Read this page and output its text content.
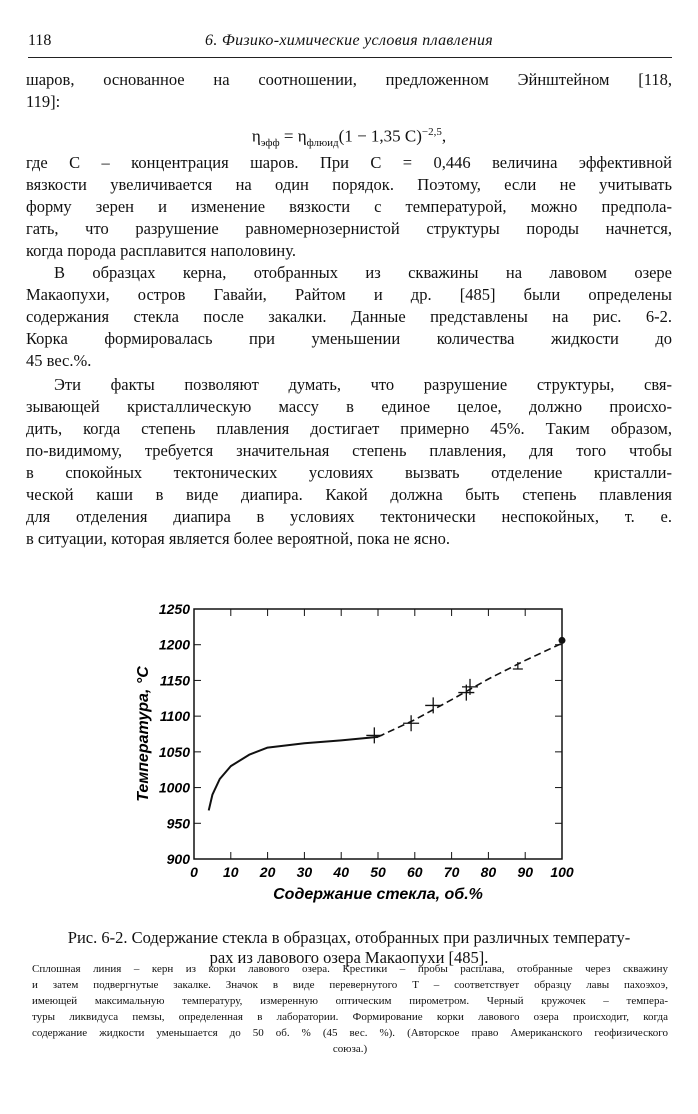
118	6. Физико-химические условия плавления
шаров, основанное на соотношении, предложенном Эйнштейном [118,
119]:
где C – концентрация шаров. При C = 0,446 величина эффективной
вязкости увеличивается на один порядок. Поэтому, если не учитывать
форму зерен и изменение вязкости с температурой, можно предпола-
гать, что разрушение равномернозернистой структуры породы начнется,
когда порода расплавится наполовину.
В образцах керна, отобранных из скважины на лавовом озере
Макаопухи, остров Гавайи, Райтом и др. [485] были определены
содержания стекла после закалки. Данные представлены на рис. 6-2.
Корка формировалась при уменьшении количества жидкости до
45 вес.%.
Эти факты позволяют думать, что разрушение структуры, свя-
зывающей кристаллическую массу в единое целое, должно происхо-
дить, когда степень плавления достигает примерно 45%. Таким образом,
по-видимому, требуется значительная степень плавления, для того чтобы
в спокойных тектонических условиях вызвать отделение кристалли-
ческой каши в виде диапира. Какой должна быть степень плавления
для отделения диапира в условиях тектонически неспокойных, т. е.
в ситуации, которая является более вероятной, пока не ясно.
$\eta_{эфф} = \eta_{флюид}(1 - 1,35$ C)$^{-2,5}$,
0 10 20 30 40 50 60 70 80 90 100
900
950
1000
1050
1100
1150
1200
1250
Содержание стекла, об.%
Температура, °C
Рис. 6-2. Содержание стекла в образцах, отобранных при различных температу-
рах из лавового озера Макаопухи [485].
Сплошная линия – керн из корки лавового озера. Крестики – пробы расплава, отобранные через скважину
и затем подвергнутые закалке. Значок в виде перевернутого Т – соответствует образцу лавы пахоэхоэ,
имеющей максимальную температуру, измеренную оптическим пирометром. Черный кружочек – темпера-
туры ликвидуса пемзы, определенная в лаборатории. Формирование корки лавового озера происходит, когда
содержание жидкости уменьшается до 50 об. % (45 вес. %). (Авторское право Американского геофизического
союза.)
